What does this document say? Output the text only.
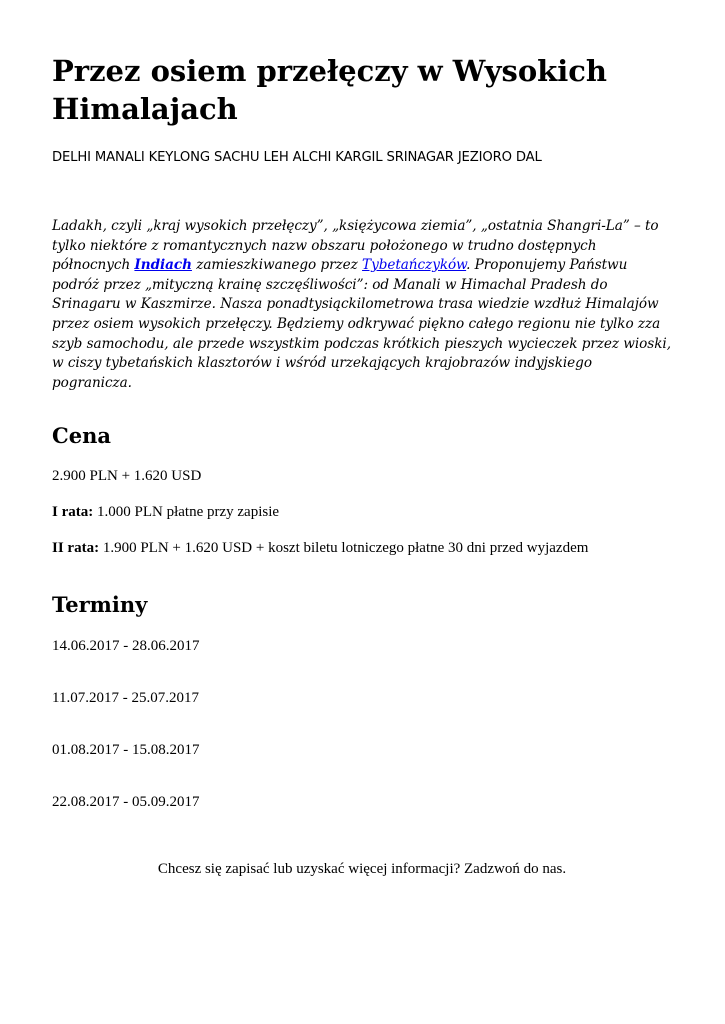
Przez osiem przełęczy w Wysokich Himalajach
DELHI MANALI KEYLONG SACHU LEH ALCHI KARGIL SRINAGAR JEZIORO DAL

Ladakh, czyli „kraj wysokich przełęczy”, „księżycowa ziemia”, „ostatnia Shangri-La” – to tylko niektóre z romantycznych nazw obszaru położonego w trudno dostępnych północnych Indiach zamieszkiwanego przez Tybetańczyków. Proponujemy Państwu podróż przez „mityczną krainę szczęśliwości”: od Manali w Himachal Pradesh do Srinagaru w Kaszmirze. Nasza ponadtysiąckilometrowa trasa wiedzie wzdłuż Himalajów przez osiem wysokich przełęczy. Będziemy odkrywać piękno całego regionu nie tylko zza szyb samochodu, ale przede wszystkim podczas krótkich pieszych wycieczek przez wioski, w ciszy tybetańskich klasztorów i wśród urzekających krajobrazów indyjskiego pogranicza.

Cena

2.900 PLN + 1.620 USD

I rata: 1.000 PLN płatne przy zapisie

II rata: 1.900 PLN + 1.620 USD + koszt biletu lotniczego płatne 30 dni przed wyjazdem

Terminy

14.06.2017 - 28.06.2017

11.07.2017 - 25.07.2017

01.08.2017 - 15.08.2017

22.08.2017 - 05.09.2017

Chcesz się zapisać lub uzyskać więcej informacji? Zadzwoń do nas.
